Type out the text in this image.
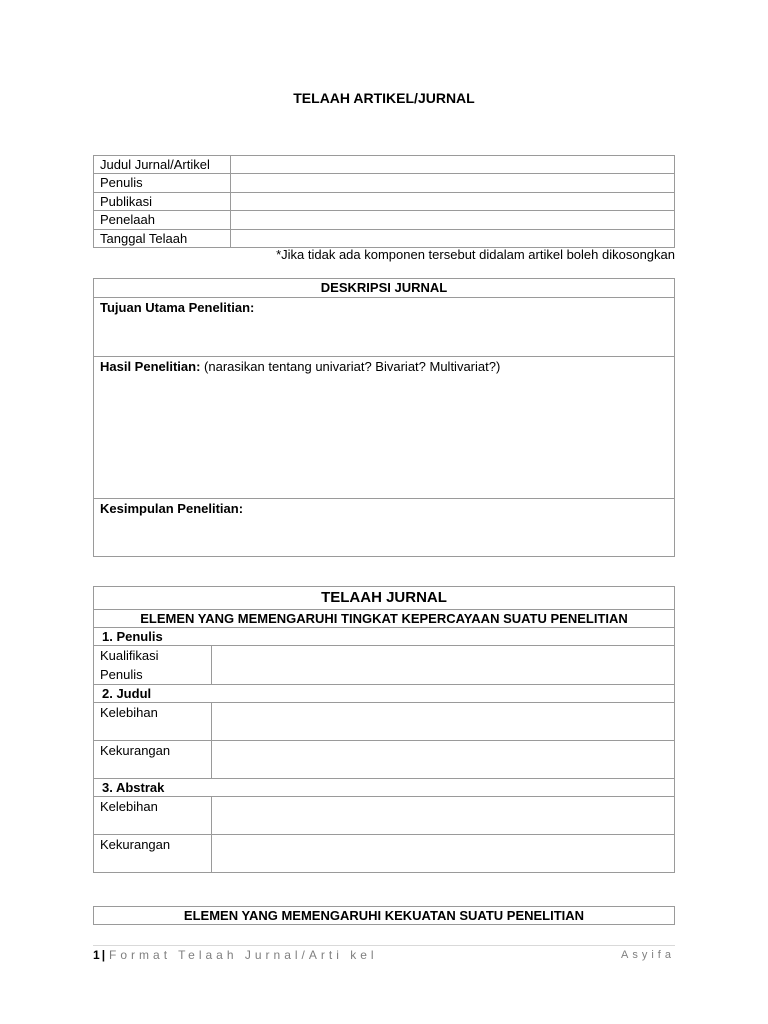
TELAAH ARTIKEL/JURNAL
Judul Jurnal/Artikel	
Penulis	
Publikasi	
Penelaah	
Tanggal Telaah	
*Jika tidak ada komponen tersebut didalam artikel boleh dikosongkan
DESKRIPSI JURNAL
Tujuan Utama Penelitian:
Hasil Penelitian: (narasikan tentang univariat? Bivariat? Multivariat?)
Kesimpulan Penelitian:
TELAAH JURNAL	
ELEMEN YANG MEMENGARUHI TINGKAT KEPERCAYAAN SUATU PENELITIAN	
1. Penulis	

Kualifikasi
Penulis	

2. Judul	
Kelebihan	
Kekurangan	
3. Abstrak	
Kelebihan	
Kekurangan	
ELEMEN YANG MEMENGARUHI KEKUATAN SUATU PENELITIAN
1 | Format Telaah Jurnal/Arti kel	Asyifa
